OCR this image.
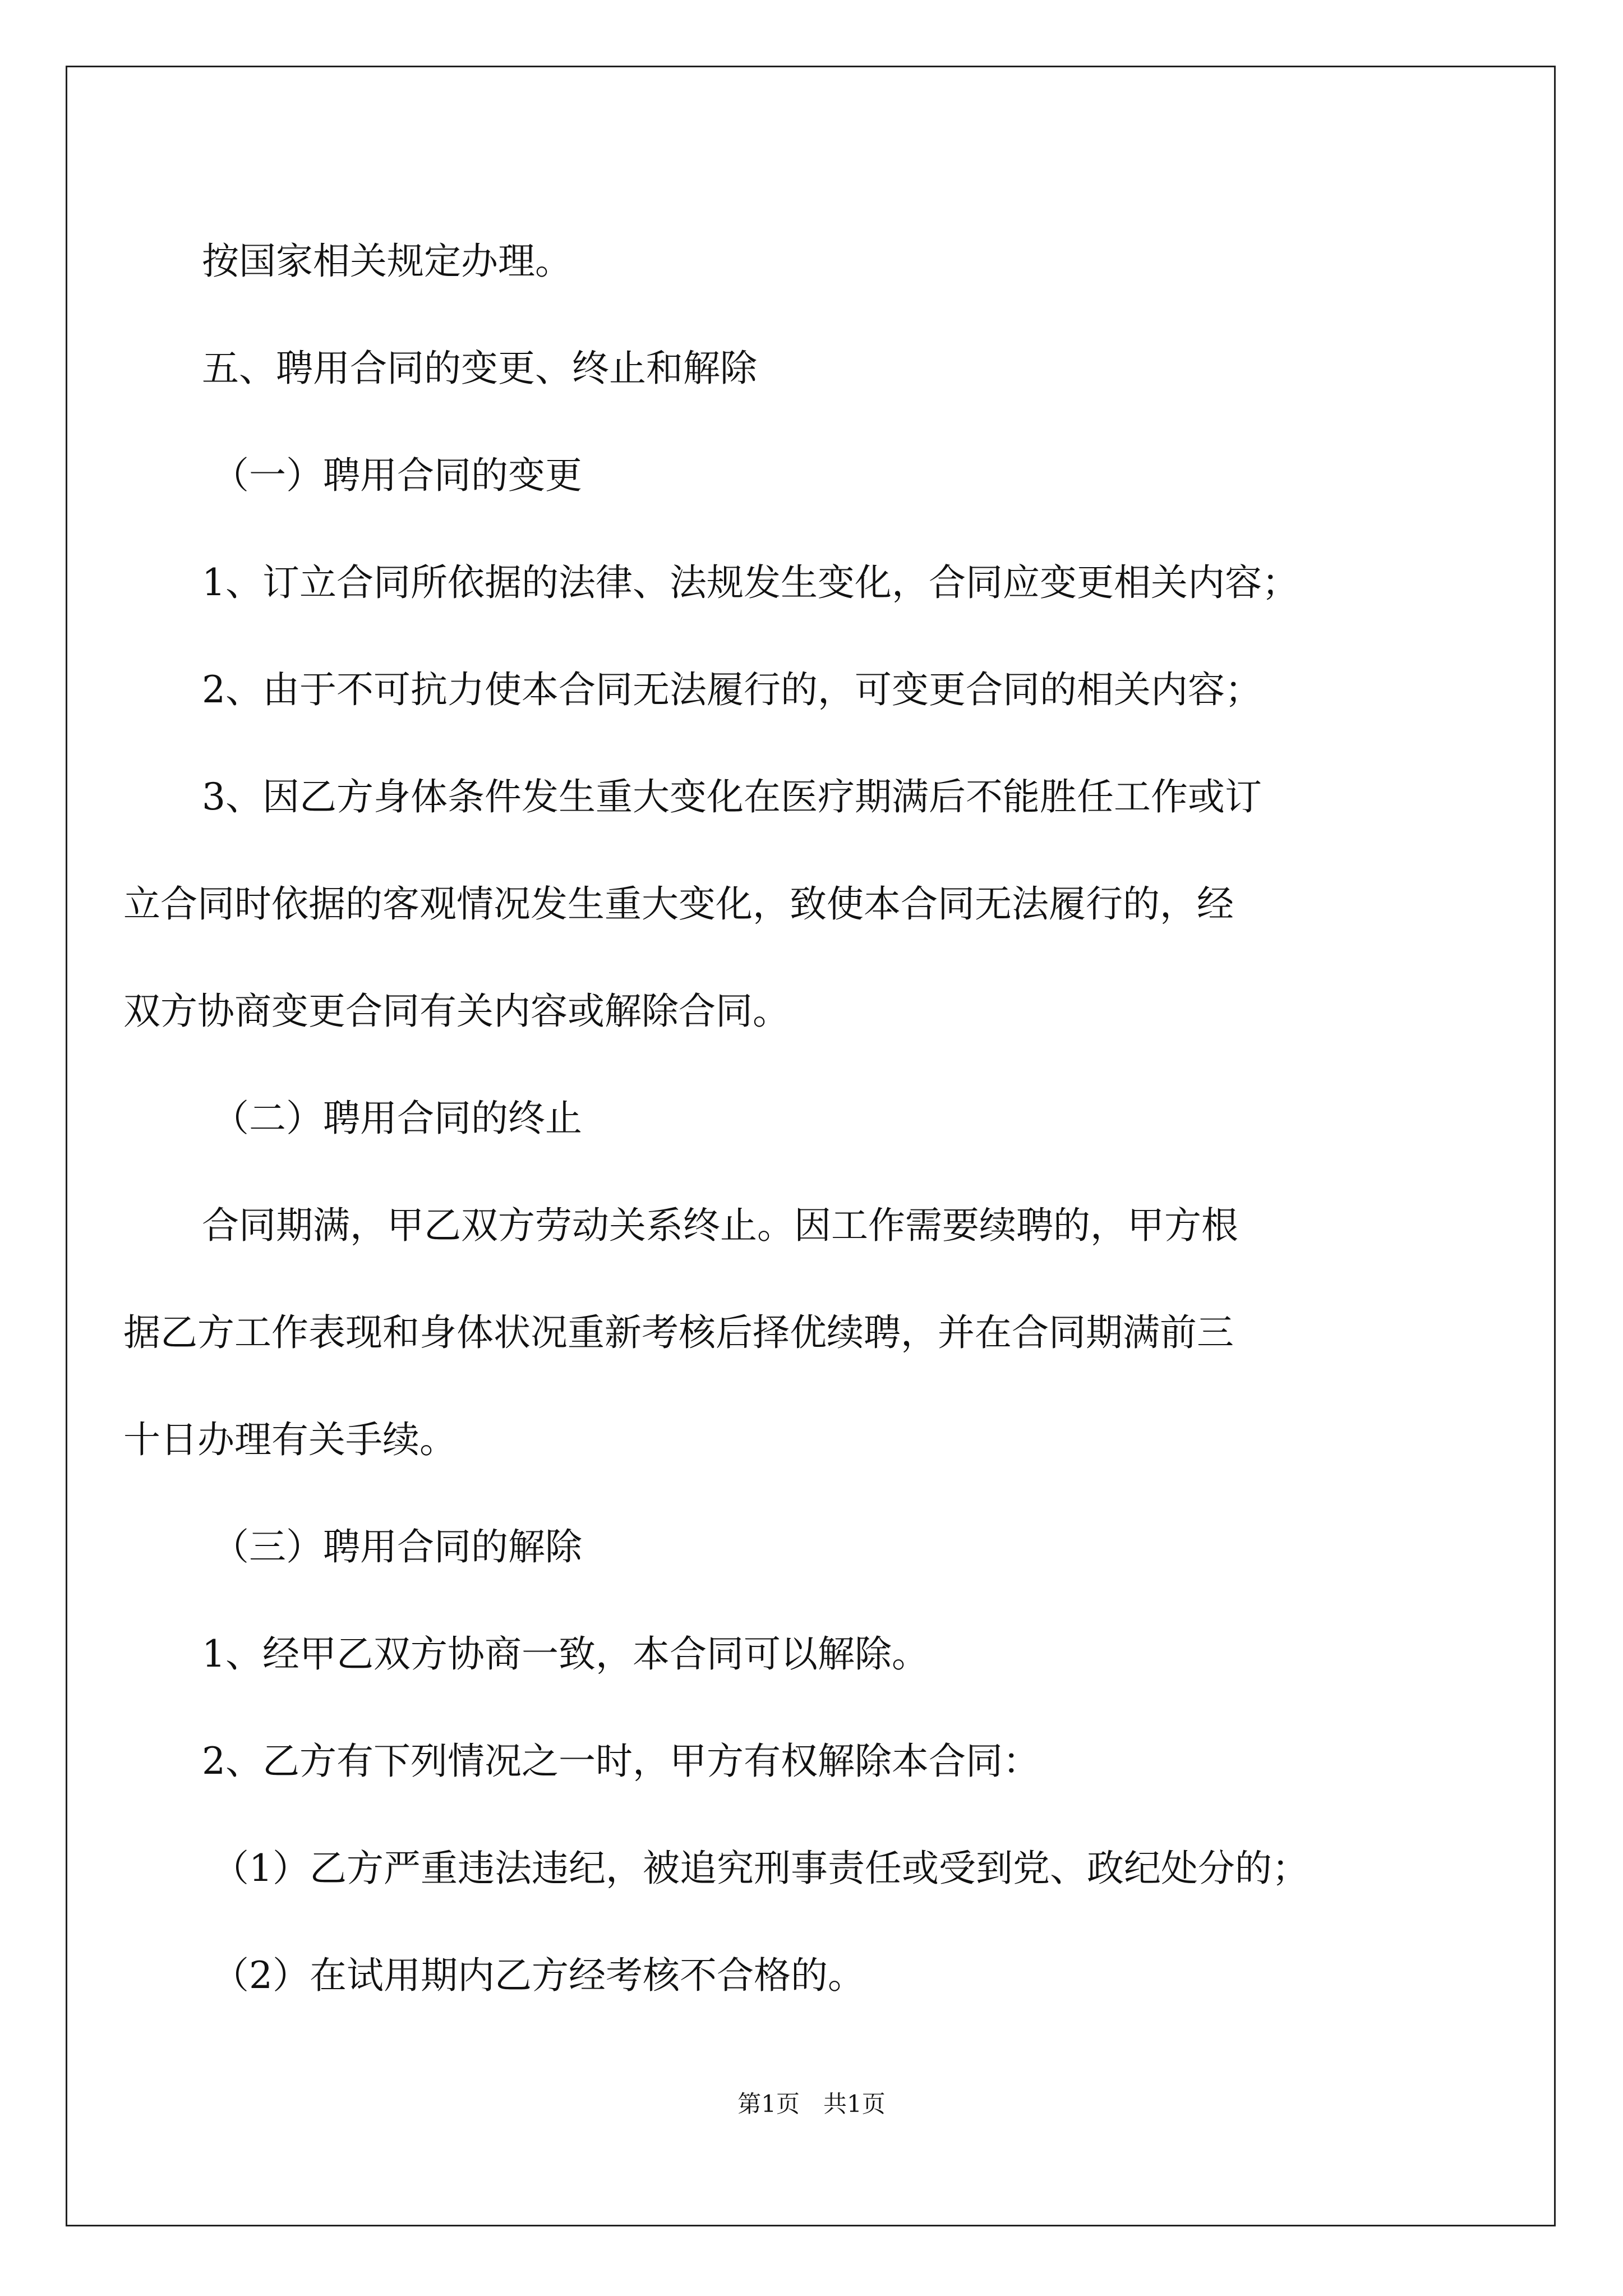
按国家相关规定办理。

五、聘用合同的变更、终止和解除

（一）聘用合同的变更

1、订立合同所依据的法律、法规发生变化，合同应变更相关内容；

2、由于不可抗力使本合同无法履行的，可变更合同的相关内容；

3、因乙方身体条件发生重大变化在医疗期满后不能胜任工作或订

立合同时依据的客观情况发生重大变化，致使本合同无法履行的，经

双方协商变更合同有关内容或解除合同。

（二）聘用合同的终止

合同期满，甲乙双方劳动关系终止。因工作需要续聘的，甲方根

据乙方工作表现和身体状况重新考核后择优续聘，并在合同期满前三

十日办理有关手续。

（三）聘用合同的解除

1、经甲乙双方协商一致，本合同可以解除。

2、乙方有下列情况之一时，甲方有权解除本合同：

（1）乙方严重违法违纪，被追究刑事责任或受到党、政纪处分的；

（2）在试用期内乙方经考核不合格的。

第1页　共1页
